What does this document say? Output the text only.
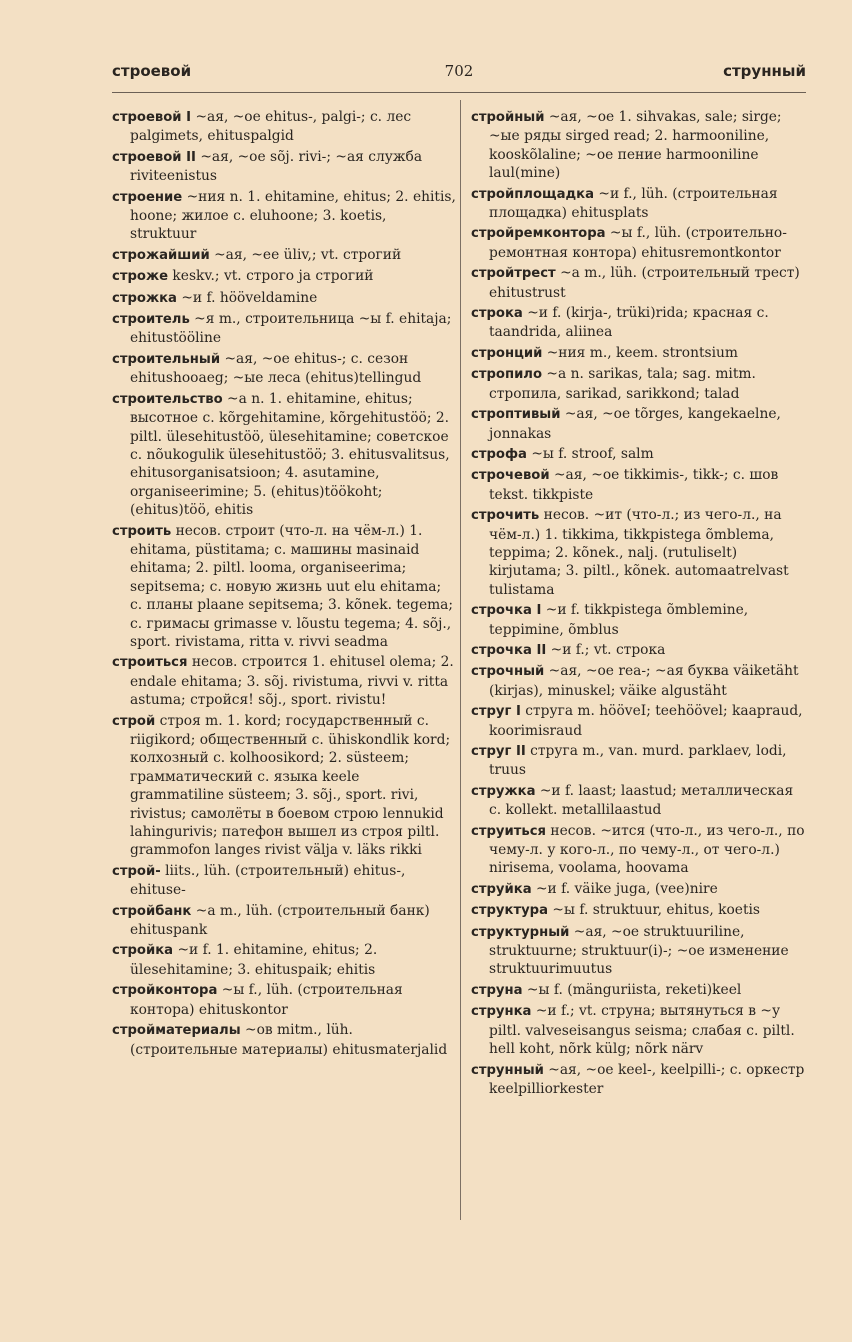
строевой	702	струнный
строевой I ~ая, ~ое ehitus-, palgi-; с. лес palgimets, ehituspalgid
строевой II ~ая, ~ое sõj. rivi-; ~ая служба riviteenistus
строение ~ния n. 1. ehitamine, ehitus; 2. ehitis, hoone; жилое с. eluhoone; 3. koetis, struktuur
строжайший ~ая, ~ее üliv,; vt. строгий
строже keskv.; vt. строго ja строгий
строжка ~и f. hööveldamine
строитель ~я m., строительница ~ы f. ehitaja; ehitustööline
строительный ~ая, ~ое ehitus-; с. сезон ehitushooaeg; ~ые леса (ehitus)tellingud
строительство ~а n. 1. ehitamine, ehitus; высотное с. kõrgehitamine, kõrgehitustöö; 2. piltl. ülesehitustöö, ülesehitamine; советское с. nõukogulik ülesehitustöö; 3. ehitusvalitsus, ehitusorganisatsioon; 4. asutamine, organiseerimine; 5. (ehitus)töökoht; (ehitus)töö, ehitis
строить несов. строит (что-л. на чём-л.) 1. ehitama, püstitama; с. машины masinaid ehitama; 2. piltl. looma, organiseerima; sepitsema; с. новую жизнь uut elu ehitama; с. планы plaane sepitsema; 3. kõnek. tegema; с. гримасы grimasse v. lõustu tegema; 4. sõj., sport. rivistama, ritta v. rivvi seadma
строиться несов. строится 1. ehitusel olema; 2. endale ehitama; 3. sõj. rivistuma, rivvi v. ritta astuma; стройся! sõj., sport. rivistu!
строй строя m. 1. kord; государственный с. riigikord; общественный с. ühiskondlik kord; колхозный с. kolhoosikord; 2. süsteem; грамматический с. языка keele grammatiline süsteem; 3. sõj., sport. rivi, rivistus; самолёты в боевом строю lennukid lahingurivis; патефон вышел из строя piltl. grammofon langes rivist välja v. läks rikki
строй- liits., lüh. (строительный) ehitus-, ehituse-
стройбанк ~а m., lüh. (строительный банк) ehituspank
стройка ~и f. 1. ehitamine, ehitus; 2. ülesehitamine; 3. ehituspaik; ehitis
стройконтора ~ы f., lüh. (строительная контора) ehituskontor
стройматериалы ~ов mitm., lüh. (строительные материалы) ehitusmaterjalid
стройный ~ая, ~ое 1. sihvakas, sale; sirge; ~ые ряды sirged read; 2. harmooniline, kooskõlaline; ~ое пение harmooniline laul(mine)
стройплощадка ~и f., lüh. (строительная площадка) ehitusplats
стройремконтора ~ы f., lüh. (строительно-ремонтная контора) ehitusremontkontor
стройтрест ~а m., lüh. (строительный трест) ehitustrust
строка ~и f. (kirja-, trüki)rida; красная с. taandrida, aliinea
стронций ~ния m., keem. strontsium
стропило ~а n. sarikas, tala; sag. mitm. стропила, sarikad, sarikkond; talad
строптивый ~ая, ~ое tõrges, kangekaelne, jonnakas
строфа ~ы f. stroof, salm
строчевой ~ая, ~ое tikkimis-, tikk-; с. шов tekst. tikkpiste
строчить несов. ~ит (что-л.; из чего-л., на чём-л.) 1. tikkima, tikkpistega õmblema, teppima; 2. kõnek., nalj. (rutuliselt) kirjutama; 3. piltl., kõnek. automaatrelvast tulistama
строчка I ~и f. tikkpistega õmblemine, teppimine, õmblus
строчка II ~и f.; vt. строка
строчный ~ая, ~ое rea-; ~ая буква väiketäht (kirjas), minuskel; väike algustäht
струг I струга m. hööveI; teehöövel; kaapraud, koorimisraud
струг II струга m., van. murd. parklaev, lodi, truus
стружка ~и f. laast; laastud; металлическая с. kollekt. metallilaastud
струиться несов. ~ится (что-л., из чего-л., по чему-л. у кого-л., по чему-л., от чего-л.) nirisema, voolama, hoovama
струйка ~и f. väike juga, (vee)nire
структура ~ы f. struktuur, ehitus, koetis
структурный ~ая, ~ое struktuuriline, struktuurne; struktuur(i)-; ~ое изменение struktuurimuutus
струна ~ы f. (mänguriista, reketi)keel
струнка ~и f.; vt. струна; вытянуться в ~у piltl. valveseisangus seisma; слабая с. piltl. hell koht, nõrk külg; nõrk närv
струнный ~ая, ~ое keel-, keelpilli-; с. оркестр keelpilliorkester
